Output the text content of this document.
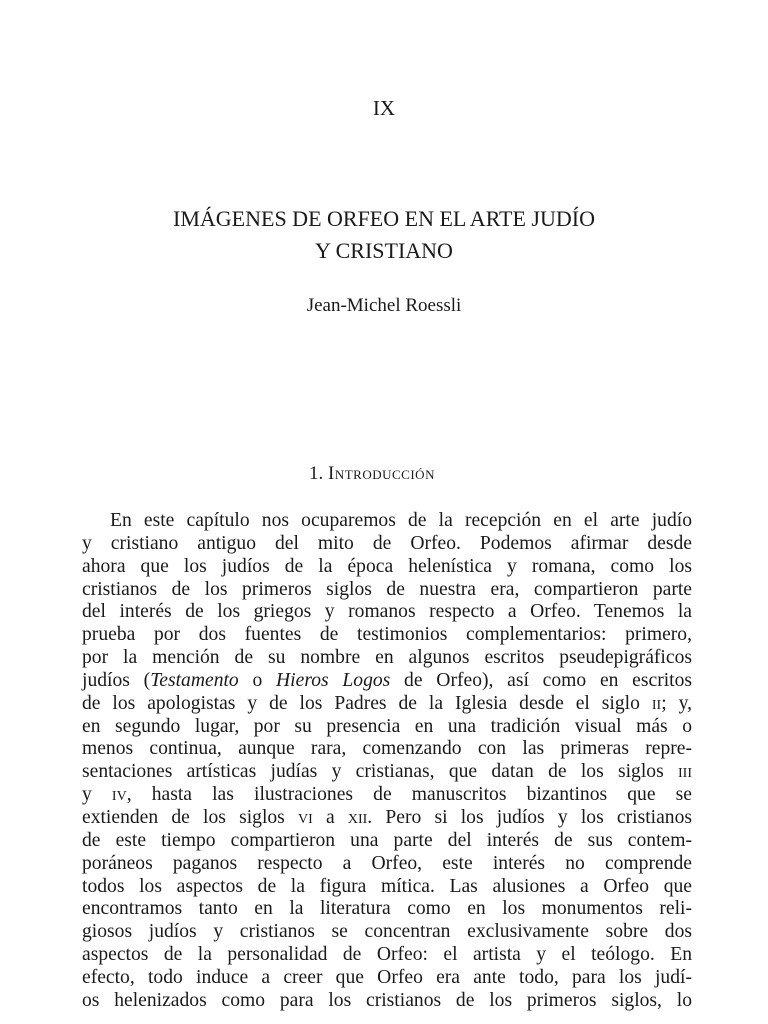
IX
IMÁGENES DE ORFEO EN EL ARTE JUDÍO
Y CRISTIANO
Jean-Michel Roessli
1. Introducción
En este capítulo nos ocuparemos de la recepción en el arte judío
y cristiano antiguo del mito de Orfeo. Podemos afirmar desde
ahora que los judíos de la época helenística y romana, como los
cristianos de los primeros siglos de nuestra era, compartieron parte
del interés de los griegos y romanos respecto a Orfeo. Tenemos la
prueba por dos fuentes de testimonios complementarios: primero,
por la mención de su nombre en algunos escritos pseudepigráficos
judíos (Testamento o Hieros Logos de Orfeo), así como en escritos
de los apologistas y de los Padres de la Iglesia desde el siglo ii; y,
en segundo lugar, por su presencia en una tradición visual más o
menos continua, aunque rara, comenzando con las primeras repre-
sentaciones artísticas judías y cristianas, que datan de los siglos iii
y iv, hasta las ilustraciones de manuscritos bizantinos que se
extienden de los siglos vi a xii. Pero si los judíos y los cristianos
de este tiempo compartieron una parte del interés de sus contem-
poráneos paganos respecto a Orfeo, este interés no comprende
todos los aspectos de la figura mítica. Las alusiones a Orfeo que
encontramos tanto en la literatura como en los monumentos reli-
giosos judíos y cristianos se concentran exclusivamente sobre dos
aspectos de la personalidad de Orfeo: el artista y el teólogo. En
efecto, todo induce a creer que Orfeo era ante todo, para los judí-
os helenizados como para los cristianos de los primeros siglos, lo
